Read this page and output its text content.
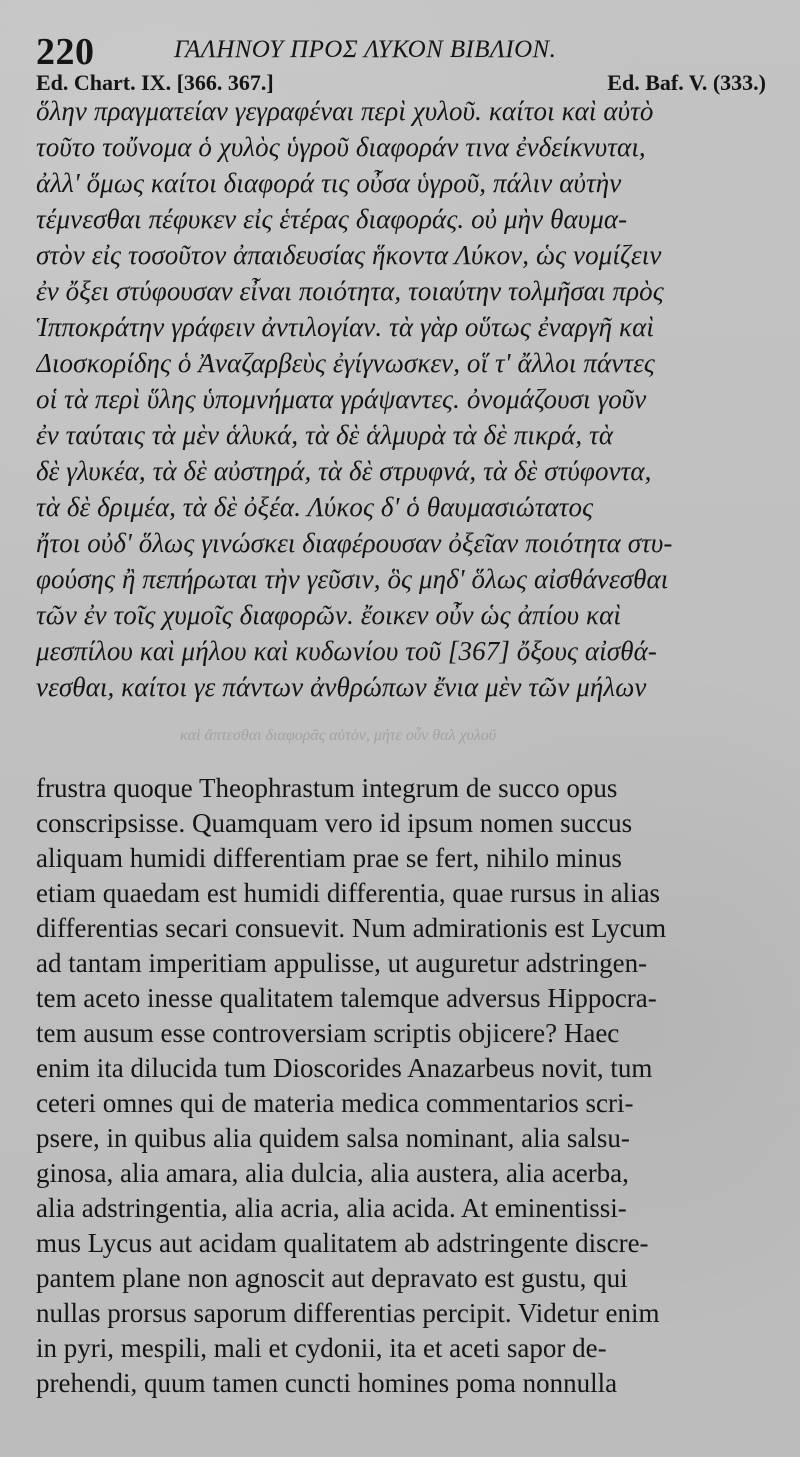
220	ΓΑΛΗΝΟΥ ΠΡΟΣ ΛΥΚΟΝ ΒΙΒΛΙΟΝ.
Ed. Chart. IX. [366. 367.]	Ed. Baf. V. (333.)
ὅλην πραγματείαν γεγραφέναι περὶ χυλοῦ. καίτοι καὶ αὐτὸ
τοῦτο τοὔνομα ὁ χυλὸς ὑγροῦ διαφοράν τινα ἐνδείκνυται,
ἀλλ' ὅμως καίτοι διαφορά τις οὖσα ὑγροῦ, πάλιν αὐτὴν
τέμνεσθαι πέφυκεν εἰς ἑτέρας διαφοράς. οὐ μὴν θαυμα-
στὸν εἰς τοσοῦτον ἀπαιδευσίας ἥκοντα Λύκον, ὡς νομίζειν
ἐν ὄξει στύφουσαν εἶναι ποιότητα, τοιαύτην τολμῆσαι πρὸς
Ἱπποκράτην γράφειν ἀντιλογίαν. τὰ γὰρ οὕτως ἐναργῆ καὶ
Διοσκορίδης ὁ Ἀναζαρβεὺς ἐγίγνωσκεν, οἵ τ' ἄλλοι πάντες
οἱ τὰ περὶ ὕλης ὑπομνήματα γράψαντες. ὀνομάζουσι γοῦν
ἐν ταύταις τὰ μὲν ἁλυκά, τὰ δὲ ἁλμυρὰ τὰ δὲ πικρά, τὰ
δὲ γλυκέα, τὰ δὲ αὐστηρά, τὰ δὲ στρυφνά, τὰ δὲ στύφοντα,
τὰ δὲ δριμέα, τὰ δὲ ὀξέα. Λύκος δ' ὁ θαυμασιώτατος
ἤτοι οὐδ' ὅλως γινώσκει διαφέρουσαν ὀξεῖαν ποιότητα στυ-
φούσης ἢ πεπήρωται τὴν γεῦσιν, ὃς μηδ' ὅλως αἰσθάνεσθαι
τῶν ἐν τοῖς χυμοῖς διαφορῶν. ἔοικεν οὖν ὡς ἀπίου καὶ
μεσπίλου καὶ μήλου καὶ κυδωνίου τοῦ [367] ὄξους αἰσθά-
νεσθαι, καίτοι γε πάντων ἀνθρώπων ἔνια μὲν τῶν μήλων
καὶ ἄπτεσθαι διαφορᾶς αὐτὸν, μήτε οὖν θαλ χυλοῦ
frustra quoque Theophrastum integrum de succo opus
conscripsisse. Quamquam vero id ipsum nomen succus
aliquam humidi differentiam prae se fert, nihilo minus
etiam quaedam est humidi differentia, quae rursus in alias
differentias secari consuevit. Num admirationis est Lycum
ad tantam imperitiam appulisse, ut auguretur adstringen-
tem aceto inesse qualitatem talemque adversus Hippocra-
tem ausum esse controversiam scriptis objicere? Haec
enim ita dilucida tum Dioscorides Anazarbeus novit, tum
ceteri omnes qui de materia medica commentarios scri-
psere, in quibus alia quidem salsa nominant, alia salsu-
ginosa, alia amara, alia dulcia, alia austera, alia acerba,
alia adstringentia, alia acria, alia acida. At eminentissi-
mus Lycus aut acidam qualitatem ab adstringente discre-
pantem plane non agnoscit aut depravato est gustu, qui
nullas prorsus saporum differentias percipit. Videtur enim
in pyri, mespili, mali et cydonii, ita et aceti sapor de-
prehendi, quum tamen cuncti homines poma nonnulla
